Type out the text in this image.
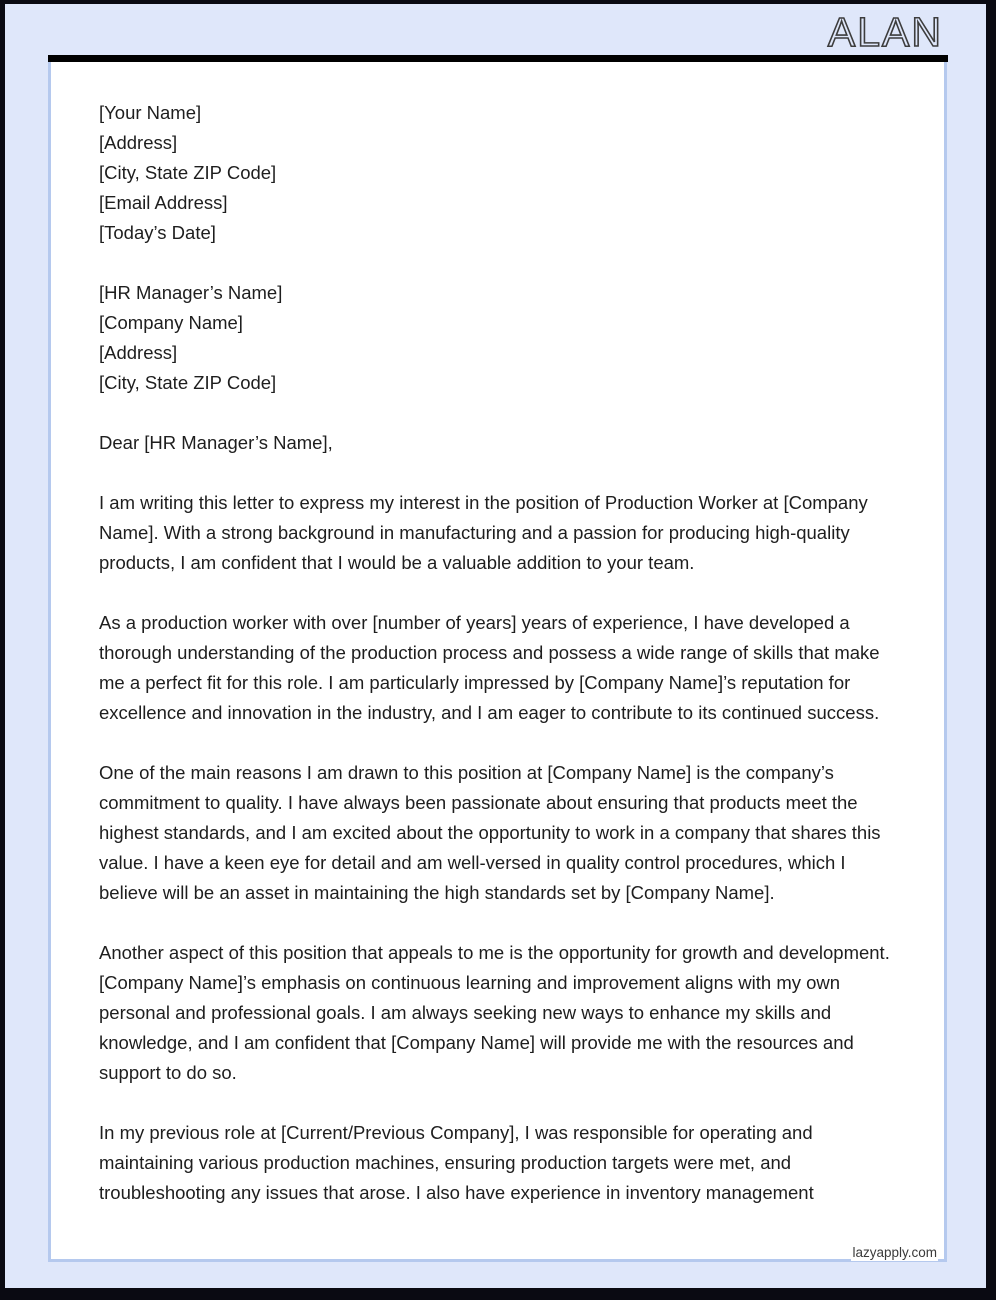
ALAN
[Your Name]
[Address]
[City, State ZIP Code]
[Email Address]
[Today’s Date]
[HR Manager’s Name]
[Company Name]
[Address]
[City, State ZIP Code]
Dear [HR Manager’s Name],
I am writing this letter to express my interest in the position of Production Worker at [Company Name]. With a strong background in manufacturing and a passion for producing high-quality products, I am confident that I would be a valuable addition to your team.
As a production worker with over [number of years] years of experience, I have developed a thorough understanding of the production process and possess a wide range of skills that make me a perfect fit for this role. I am particularly impressed by [Company Name]’s reputation for excellence and innovation in the industry, and I am eager to contribute to its continued success.
One of the main reasons I am drawn to this position at [Company Name] is the company’s commitment to quality. I have always been passionate about ensuring that products meet the highest standards, and I am excited about the opportunity to work in a company that shares this value. I have a keen eye for detail and am well-versed in quality control procedures, which I believe will be an asset in maintaining the high standards set by [Company Name].
Another aspect of this position that appeals to me is the opportunity for growth and development. [Company Name]’s emphasis on continuous learning and improvement aligns with my own personal and professional goals. I am always seeking new ways to enhance my skills and knowledge, and I am confident that [Company Name] will provide me with the resources and support to do so.
In my previous role at [Current/Previous Company], I was responsible for operating and maintaining various production machines, ensuring production targets were met, and troubleshooting any issues that arose. I also have experience in inventory management
lazyapply.com
